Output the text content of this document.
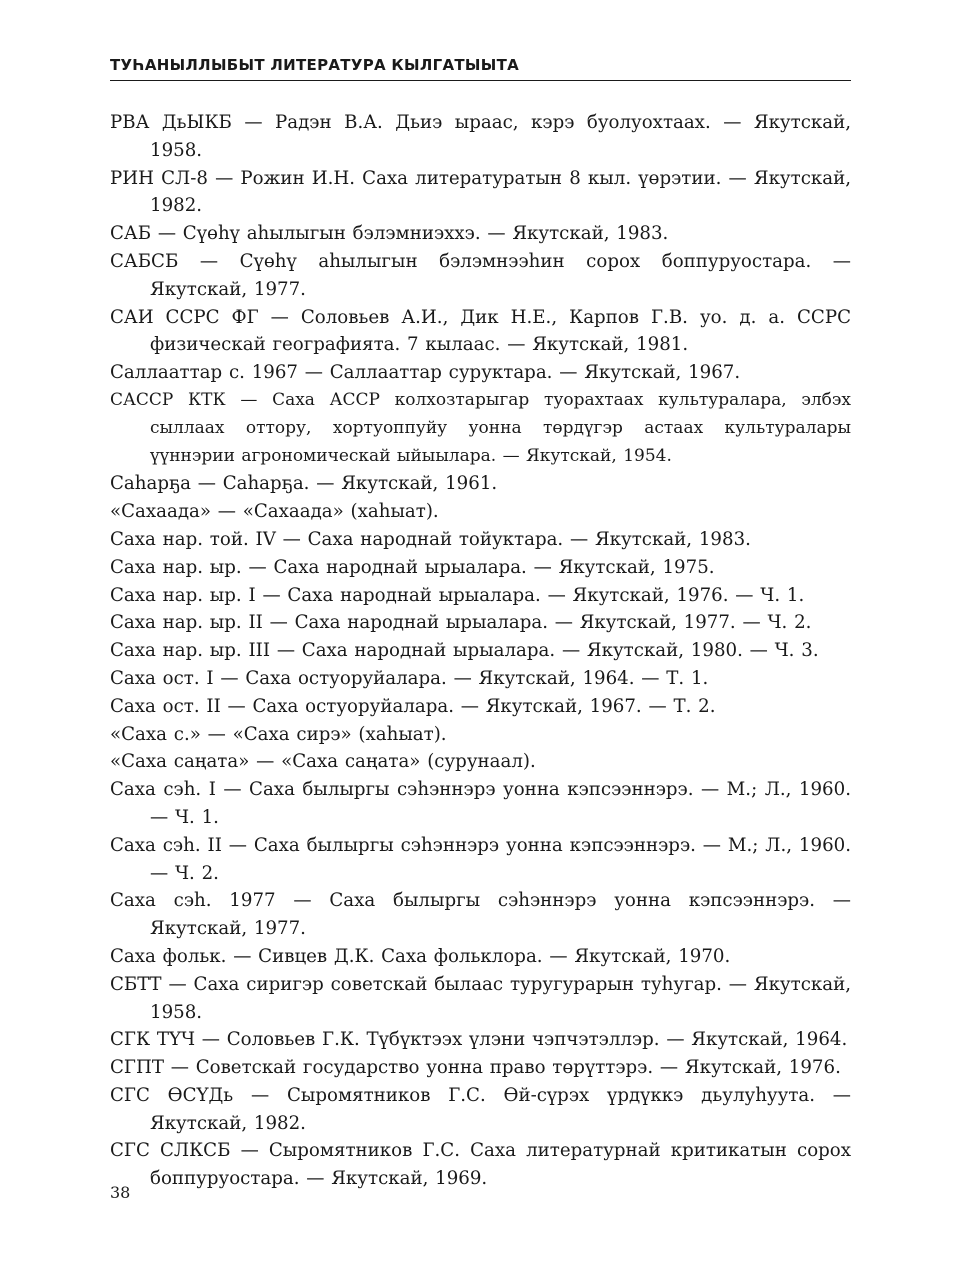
ТУҺАНЫЛЛЫБЫТ ЛИТЕРАТУРА КЫЛГАТЫЫТА
РВА ДьЫКБ — Радэн В.А. Дьиэ ыраас, кэрэ буолуохтаах. — Якутскай, 1958.
РИН СЛ-8 — Рожин И.Н. Саха литературатын 8 кыл. үөрэтии. — Якутскай, 1982.
САБ — Сүөһү аһылыгын бэлэмниэххэ. — Якутскай, 1983.
САБСБ — Сүөһү аһылыгын бэлэмнээһин сорох боппуруостара. — Якутскай, 1977.
САИ ССРС ФГ — Соловьев А.И., Дик Н.Е., Карпов Г.В. уо. д. а. ССРС физическай географията. 7 кылаас. — Якутскай, 1981.
Саллааттар с. 1967 — Саллааттар суруктара. — Якутскай, 1967.
САССР КТК — Саха АССР колхозтарыгар туорахтаах культуралара, элбэх сыллаах оттору, хортуоппуйу уонна төрдүгэр астаах культуралары үүннэрии агрономическай ыйыылара. — Якутскай, 1954.
Саһарҕа — Саһарҕа. — Якутскай, 1961.
«Сахаада» — «Сахаада» (хаһыат).
Саха нар. той. IV — Саха народнай тойуктара. — Якутскай, 1983.
Саха нар. ыр. — Саха народнай ырыалара. — Якутскай, 1975.
Саха нар. ыр. I — Саха народнай ырыалара. — Якутскай, 1976. — Ч. 1.
Саха нар. ыр. II — Саха народнай ырыалара. — Якутскай, 1977. — Ч. 2.
Саха нар. ыр. III — Саха народнай ырыалара. — Якутскай, 1980. — Ч. 3.
Саха ост. I — Саха остуоруйалара. — Якутскай, 1964. — Т. 1.
Саха ост. II — Саха остуоруйалара. — Якутскай, 1967. — Т. 2.
«Саха с.» — «Саха сирэ» (хаһыат).
«Саха саңата» — «Саха саңата» (сурунаал).
Саха сэһ. I — Саха былыргы сэһэннэрэ уонна кэпсээннэрэ. — М.; Л., 1960. — Ч. 1.
Саха сэһ. II — Саха былыргы сэһэннэрэ уонна кэпсээннэрэ. — М.; Л., 1960. — Ч. 2.
Саха сэһ. 1977 — Саха былыргы сэһэннэрэ уонна кэпсээннэрэ. — Якутскай, 1977.
Саха фольк. — Сивцев Д.К. Саха фольклора. — Якутскай, 1970.
СБТТ — Саха сиригэр советскай былаас туругурарын туһугар. — Якутскай, 1958.
СГК ТҮЧ — Соловьев Г.К. Түбүктээх үлэни чэпчэтэллэр. — Якутскай, 1964.
СГПТ — Советскай государство уонна право төрүттэрэ. — Якутскай, 1976.
СГС ӨСҮДь — Сыромятников Г.С. Өй-сүрэх үрдүккэ дьулуһуута. — Якутскай, 1982.
СГС СЛКСБ — Сыромятников Г.С. Саха литературнай критикатын сорох боппуруостара. — Якутскай, 1969.
38
